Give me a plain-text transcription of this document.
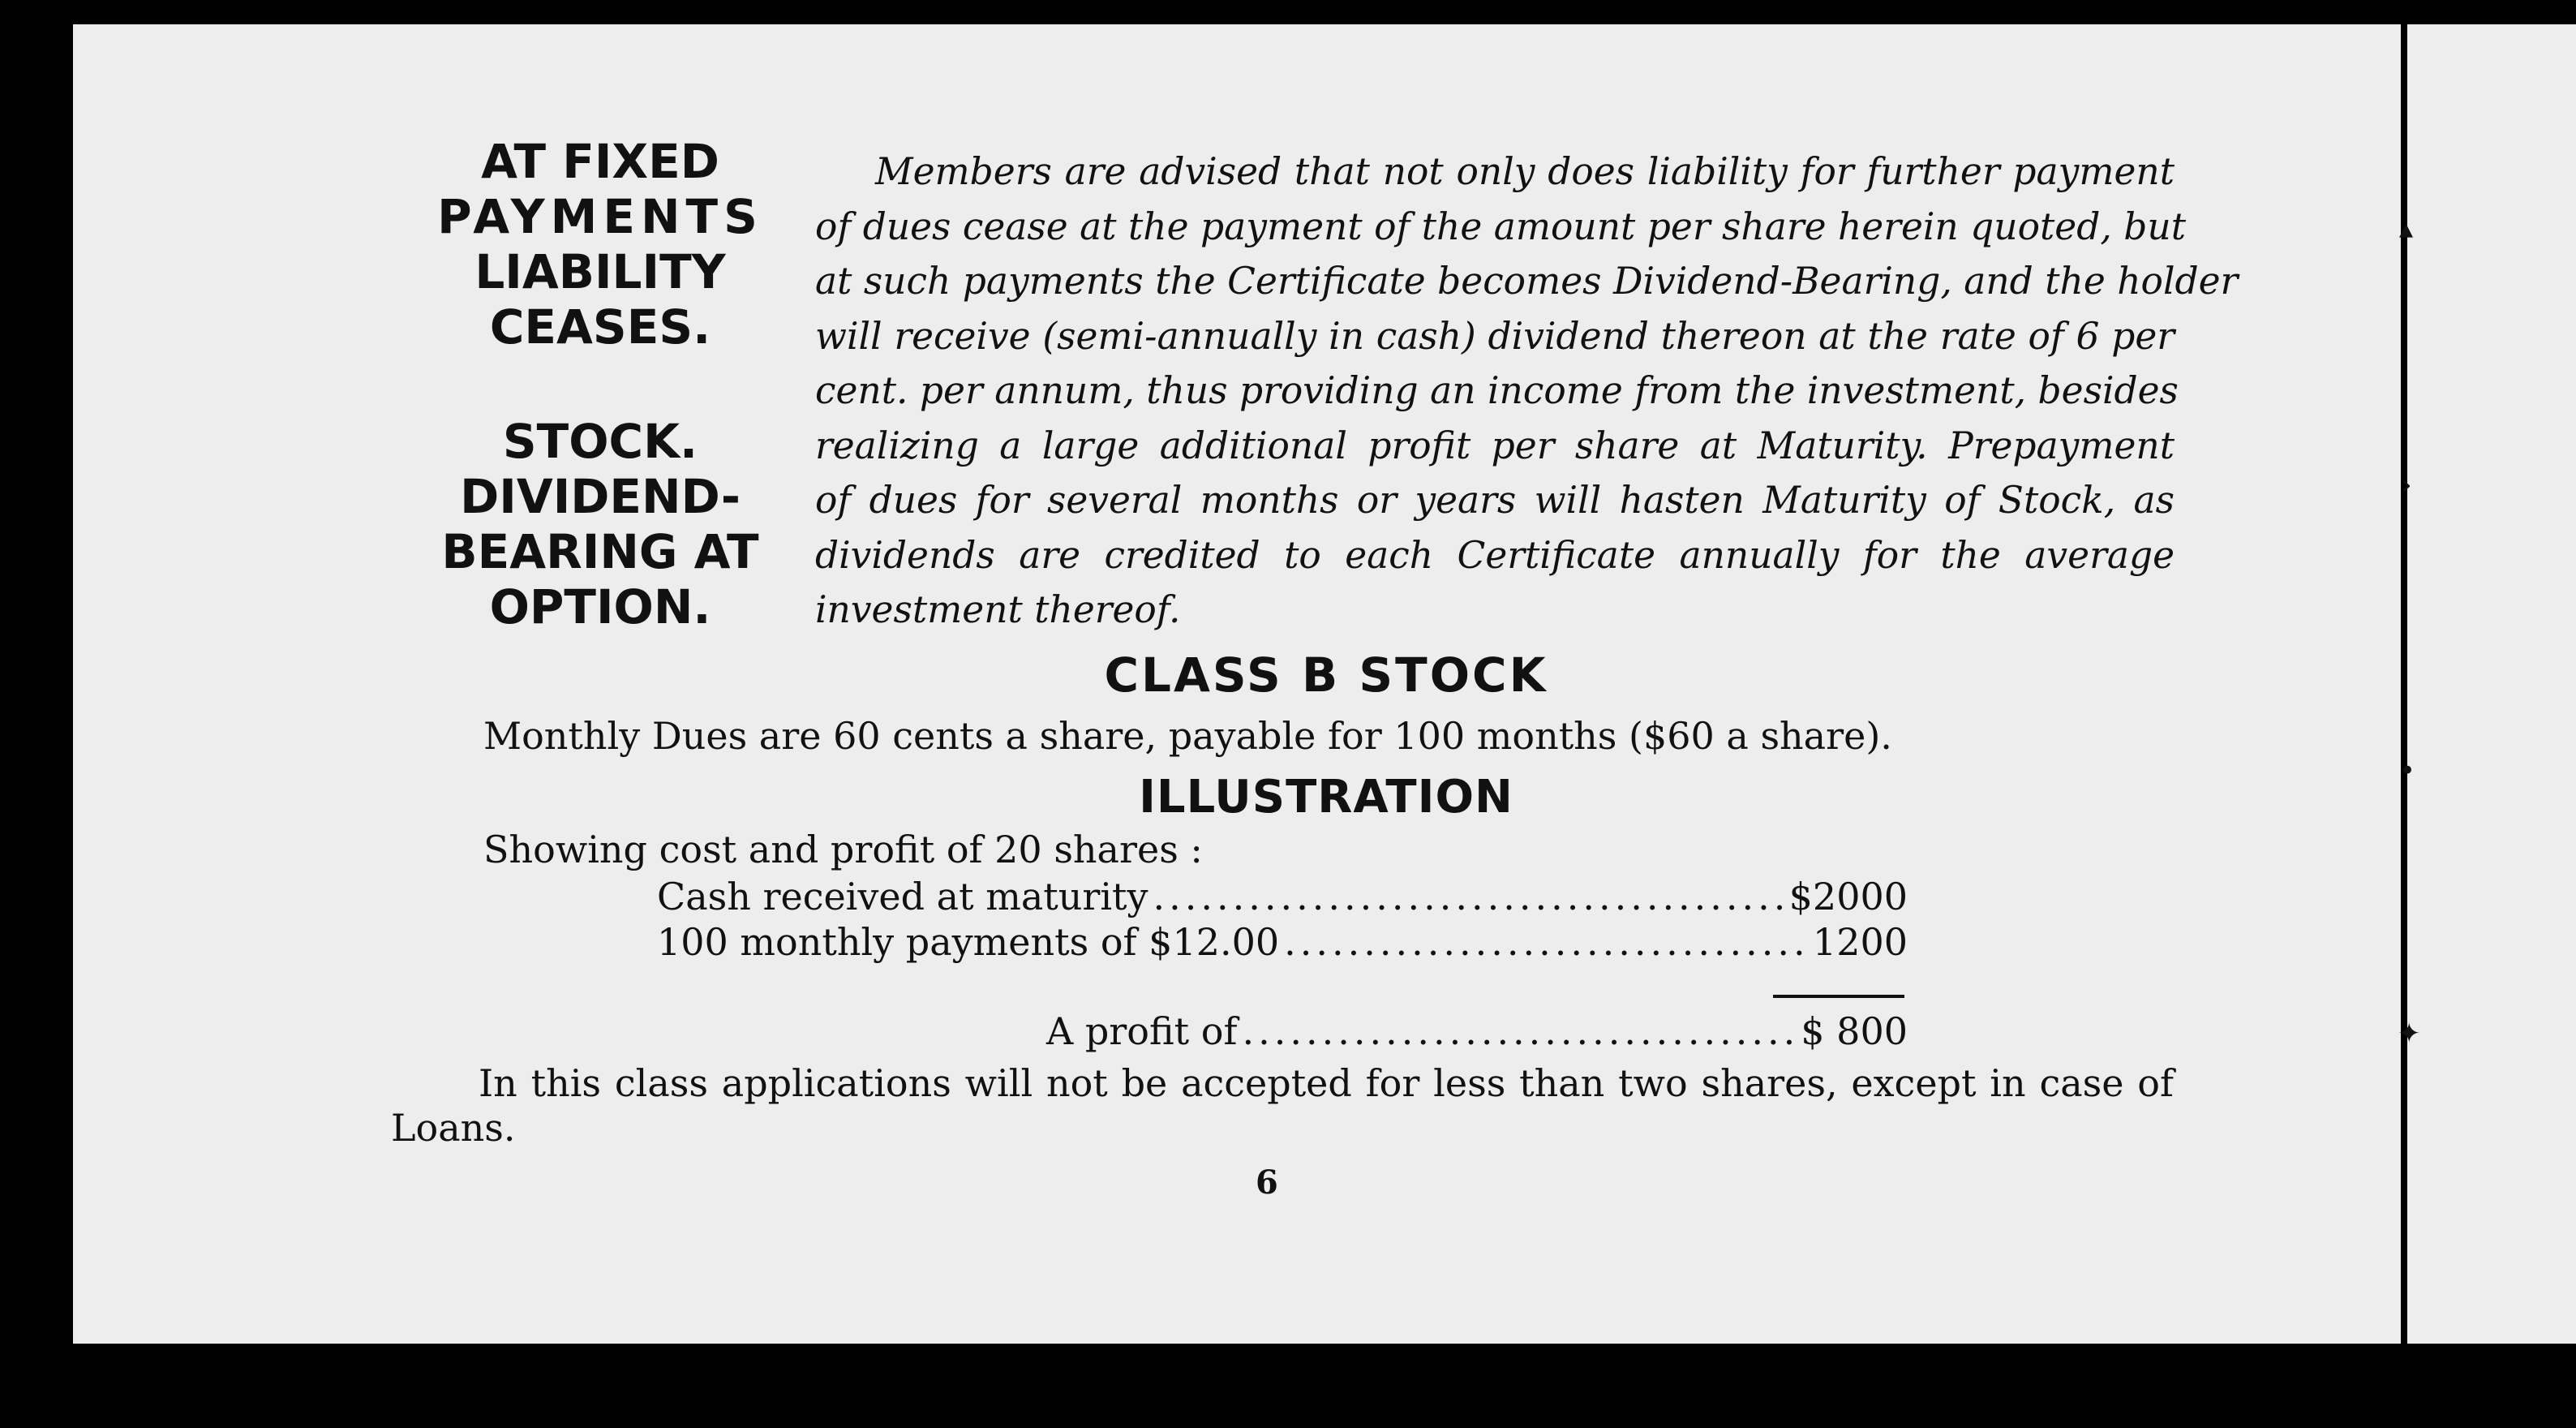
AT FIXED
PAYMENTS
LIABILITY
CEASES.
STOCK.
DIVIDEND-
BEARING AT
OPTION.
Members are advised that not only does liability for further payment
of dues cease at the payment of the amount per share herein quoted, but
at such payments the Certificate becomes Dividend-Bearing, and the holder
will receive (semi-annually in cash) dividend thereon at the rate of 6 per
cent. per annum, thus providing an income from the investment, besides
realizing a large additional profit per share at Maturity. Prepayment
of dues for several months or years will hasten Maturity of Stock, as
dividends are credited to each Certificate annually for the average
investment thereof.
CLASS B STOCK
Monthly Dues are 60 cents a share, payable for 100 months ($60 a share).
ILLUSTRATION
Showing cost and profit of 20 shares :
Cash received at maturity .....	$2000
100 monthly payments of $12.00 .....	1200
A profit of .....	$ 800
In this class applications will not be accepted for less than two shares, except in case of
Loans.
6
▴
›
•
✦
